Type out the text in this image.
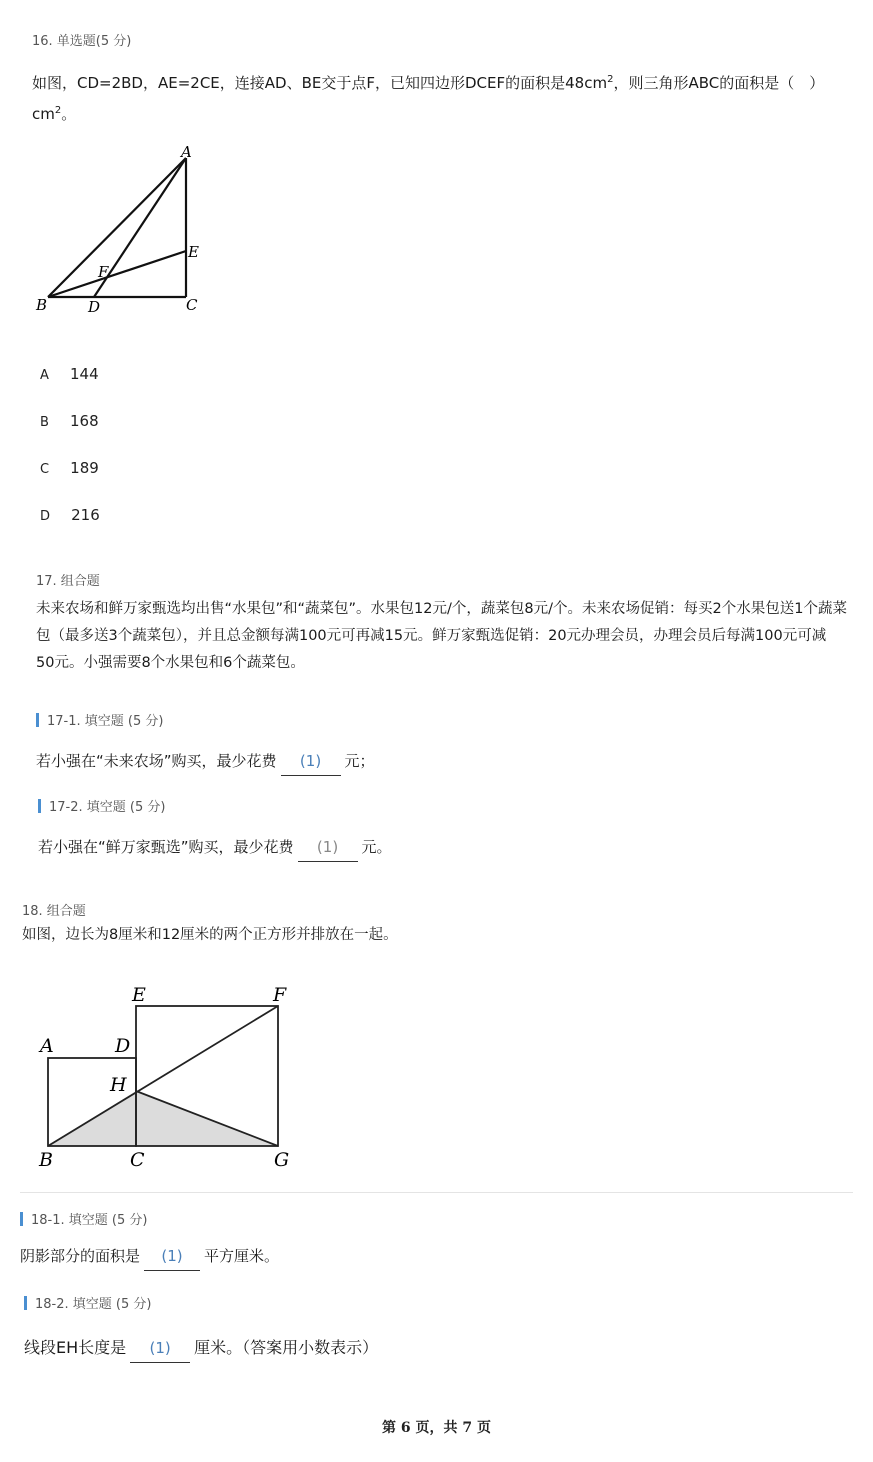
16. 单选题(5 分)
如图，CD=2BD，AE=2CE，连接AD、BE交于点F，已知四边形DCEF的面积是$48cm^2$，则三角形ABC的面积是（　）
$cm^2$。
A
B	C
D
E
F
A 144
B 168
C 189
D 216
17. 组合题
未来农场和鲜万家甄选均出售“水果包”和“蔬菜包”。水果包12元/个，蔬菜包8元/个。未来农场促销：每买2个水果包送1个蔬菜
包（最多送3个蔬菜包），并且总金额每满100元可再减15元。鲜万家甄选促销：20元办理会员，办理会员后每满100元可减
50元。小强需要8个水果包和6个蔬菜包。
17-1. 填空题 (5 分)
若小强在“未来农场”购买，最少花费 (1) 元；
17-2. 填空题 (5 分)
若小强在“鲜万家甄选”购买，最少花费 (1) 元。
18. 组合题
如图，边长为8厘米和12厘米的两个正方形并排放在一起。
A
B	C
D
E	F
G
H
18-1. 填空题 (5 分)
阴影部分的面积是 (1) 平方厘米。
18-2. 填空题 (5 分)
线段EH长度是 (1) 厘米。（答案用小数表示）
第 6 页，共 7 页
